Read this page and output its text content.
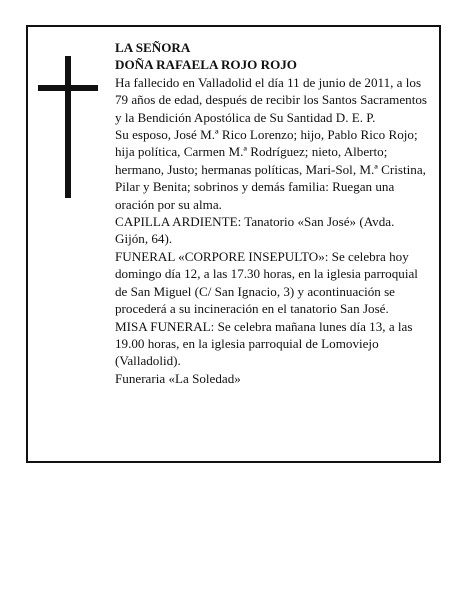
LA SEÑORA

DOÑA RAFAELA ROJO ROJO

Ha fallecido en Valladolid el día 11 de junio de 2011, a los 79 años de edad, después de recibir los Santos Sacramentos y la Bendición Apostólica de Su Santidad D. E. P.

Su esposo, José M.ª Rico Lorenzo; hijo, Pablo Rico Rojo; hija política, Carmen M.ª Rodríguez; nieto, Alberto; hermano, Justo; hermanas políticas, Mari-Sol, M.ª Cristina, Pilar y Benita; sobrinos y demás familia: Ruegan una oración por su alma.

CAPILLA ARDIENTE: Tanatorio «San José» (Avda. Gijón, 64).

FUNERAL «CORPORE INSEPULTO»: Se celebra hoy domingo día 12, a las 17.30 horas, en la iglesia parroquial de San Miguel (C/ San Ignacio, 3) y acontinuación se procederá a su incineración en el tanatorio San José.

MISA FUNERAL: Se celebra mañana lunes día 13, a las 19.00 horas, en la iglesia parroquial de Lomoviejo (Valladolid).

Funeraria «La Soledad»
